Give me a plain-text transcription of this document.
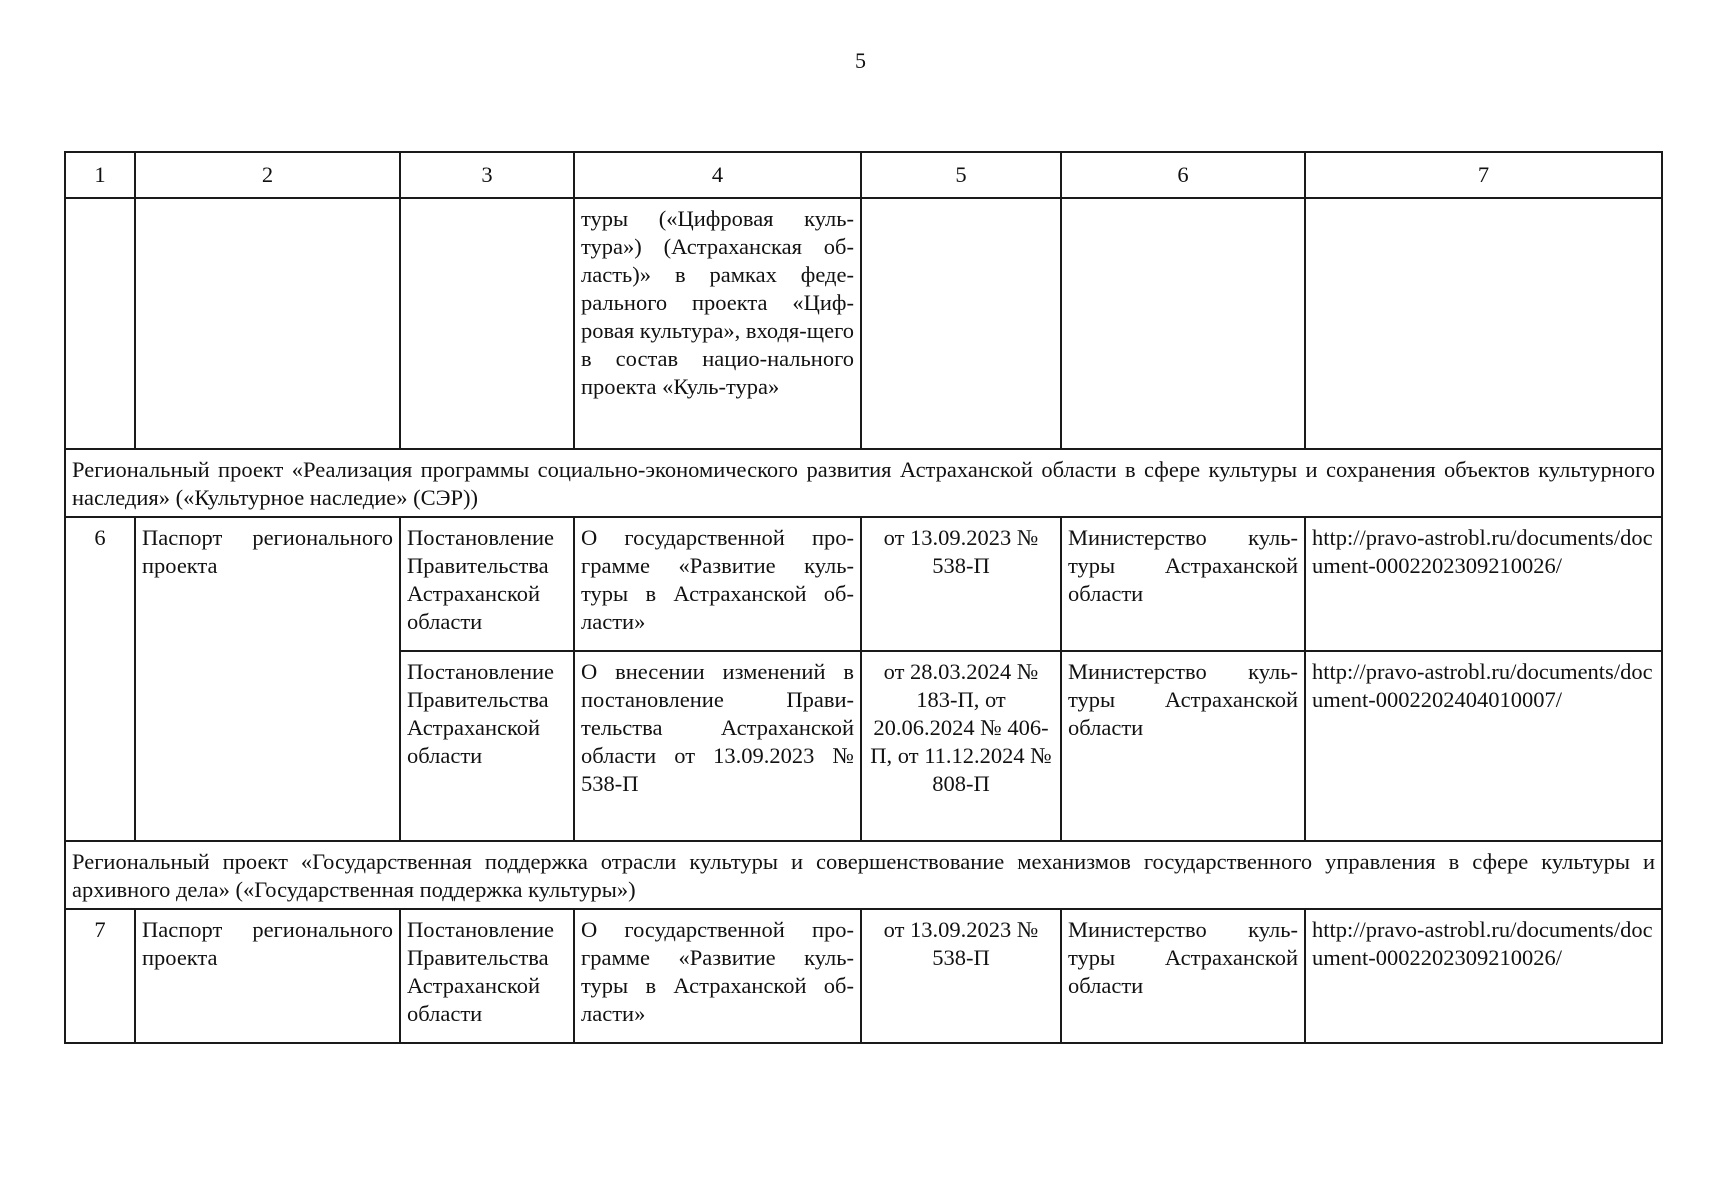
5
1	2	3	4	5	6	7
			туры («Цифровая куль-тура») (Астраханская об-ласть)» в рамках феде-рального проекта «Циф-ровая культура», входя-щего в состав нацио-нального проекта «Куль-тура»			
Региональный проект «Реализация программы социально-экономического развития Астраханской области в сфере культуры и сохранения объектов культурного наследия» («Культурное наследие» (СЭР))						
6	Паспорт регионального проекта	Постановление Правительства Астраханской области	О государственной про-грамме «Развитие куль-туры в Астраханской об-ласти»	от 13.09.2023 № 538-П	Министерство куль-туры Астраханской области	http://pravo-astrobl.ru/documents/document-0002202309210026/
		Постановление Правительства Астраханской области	О внесении изменений в постановление Прави-тельства Астраханской области от 13.09.2023 № 538-П	от 28.03.2024 № 183-П, от 20.06.2024 № 406-П, от 11.12.2024 № 808-П	Министерство куль-туры Астраханской области	http://pravo-astrobl.ru/documents/document-0002202404010007/
Региональный проект «Государственная поддержка отрасли культуры и совершенствование механизмов государственного управления в сфере культуры и архивного дела» («Государственная поддержка культуры»)						
7	Паспорт регионального проекта	Постановление Правительства Астраханской области	О государственной про-грамме «Развитие куль-туры в Астраханской об-ласти»	от 13.09.2023 № 538-П	Министерство куль-туры Астраханской области	http://pravo-astrobl.ru/documents/document-0002202309210026/
